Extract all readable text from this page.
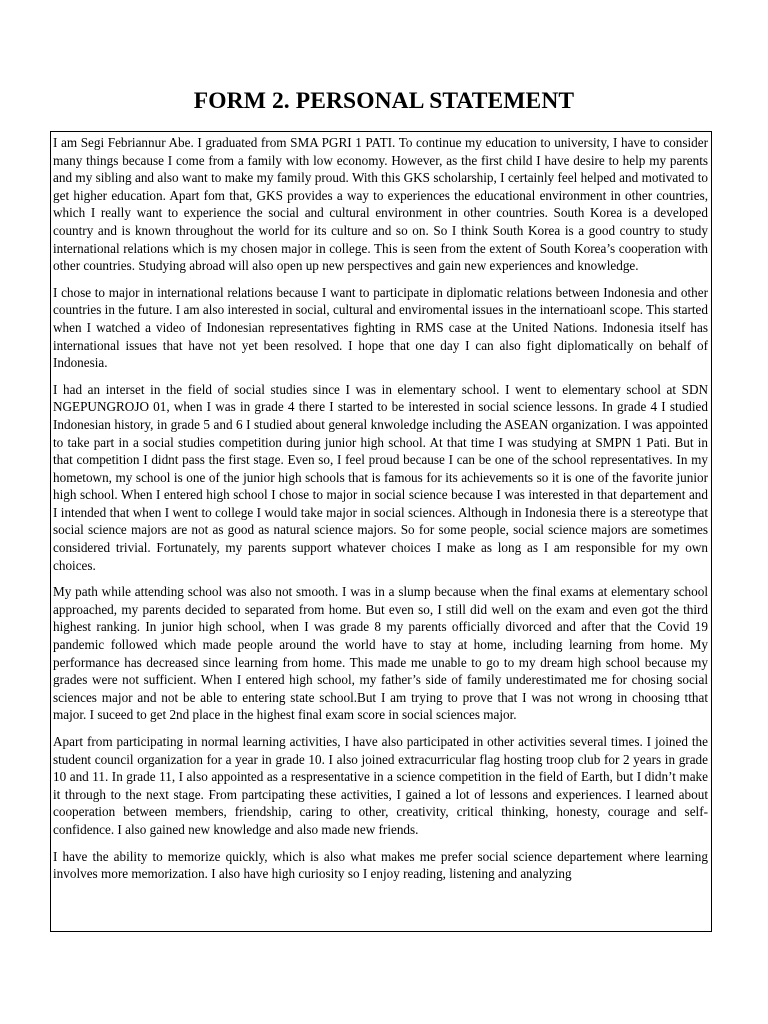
FORM 2. PERSONAL STATEMENT

I am Segi Febriannur Abe. I graduated from SMA PGRI 1 PATI. To continue my education to university, I have to consider many things because I come from a family with low economy. However, as the first child I have desire to help my parents and my sibling and also want to make my family proud. With this GKS scholarship, I certainly feel helped and motivated to get higher education. Apart fom that, GKS provides a way to experiences the educational environment in other countries, which I really want to experience the social and cultural environment in other countries. South Korea is a developed country and is known throughout the world for its culture and so on. So I think South Korea is a good country to study international relations which is my chosen major in college. This is seen from the extent of South Korea’s cooperation with other countries. Studying abroad will also open up new perspectives and gain new experiences and knowledge.

I chose to major in international relations because I want to participate in diplomatic relations between Indonesia and other countries in the future. I am also interested in social, cultural and enviromental issues in the internatioanl scope. This started when I watched a video of Indonesian representatives fighting in RMS case at the United Nations. Indonesia itself has international issues that have not yet been resolved. I hope that one day I can also fight diplomatically on behalf of Indonesia.

I had an interset in the field of social studies since I was in elementary school. I went to elementary school at SDN NGEPUNGROJO 01, when I was in grade 4 there I started to be interested in social science lessons. In grade 4 I studied Indonesian history, in grade 5 and 6 I studied about general knwoledge including the ASEAN organization. I was appointed to take part in a social studies competition during junior high school. At that time I was studying at SMPN 1 Pati. But in that competition I didnt pass the first stage. Even so, I feel proud because I can be one of the school representatives. In my hometown, my school is one of the junior high schools that is famous for its achievements so it is one of the favorite junior high school. When I entered high school I chose to major in social science because I was interested in that departement and I intended that when I went to college I would take major in social sciences. Although in Indonesia there is a stereotype that social science majors are not as good as natural science majors. So for some people, social science majors are sometimes considered trivial. Fortunately, my parents support whatever choices I make as long as I am responsible for my own choices.

My path while attending school was also not smooth. I was in a slump because when the final exams at elementary school approached, my parents decided to separated from home. But even so, I still did well on the exam and even got the third highest ranking. In junior high school, when I was grade 8 my parents officially divorced and after that the Covid 19 pandemic followed which made people around the world have to stay at home, including learning from home. My performance has decreased since learning from home. This made me unable to go to my dream high school because my grades were not sufficient. When I entered high school, my father’s side of family underestimated me for chosing social sciences major and not be able to entering state school.But I am trying to prove that I was not wrong in choosing tthat major. I suceed to get 2nd place in the highest final exam score in social sciences major.

Apart from participating in normal learning activities, I have also participated in other activities several times. I joined the student council organization for a year in grade 10. I also joined extracurricular flag hosting troop club for 2 years in grade 10 and 11. In grade 11, I also appointed as a respresentative in a science competition in the field of Earth, but I didn’t make it through to the next stage. From partcipating these activities, I gained a lot of lessons and experiences. I learned about cooperation between members, friendship, caring to other, creativity, critical thinking, honesty, courage and self-confidence. I also gained new knowledge and also made new friends.

I have the ability to memorize quickly, which is also what makes me prefer social science departement where learning involves more memorization. I also have high curiosity so I enjoy reading, listening and analyzing
